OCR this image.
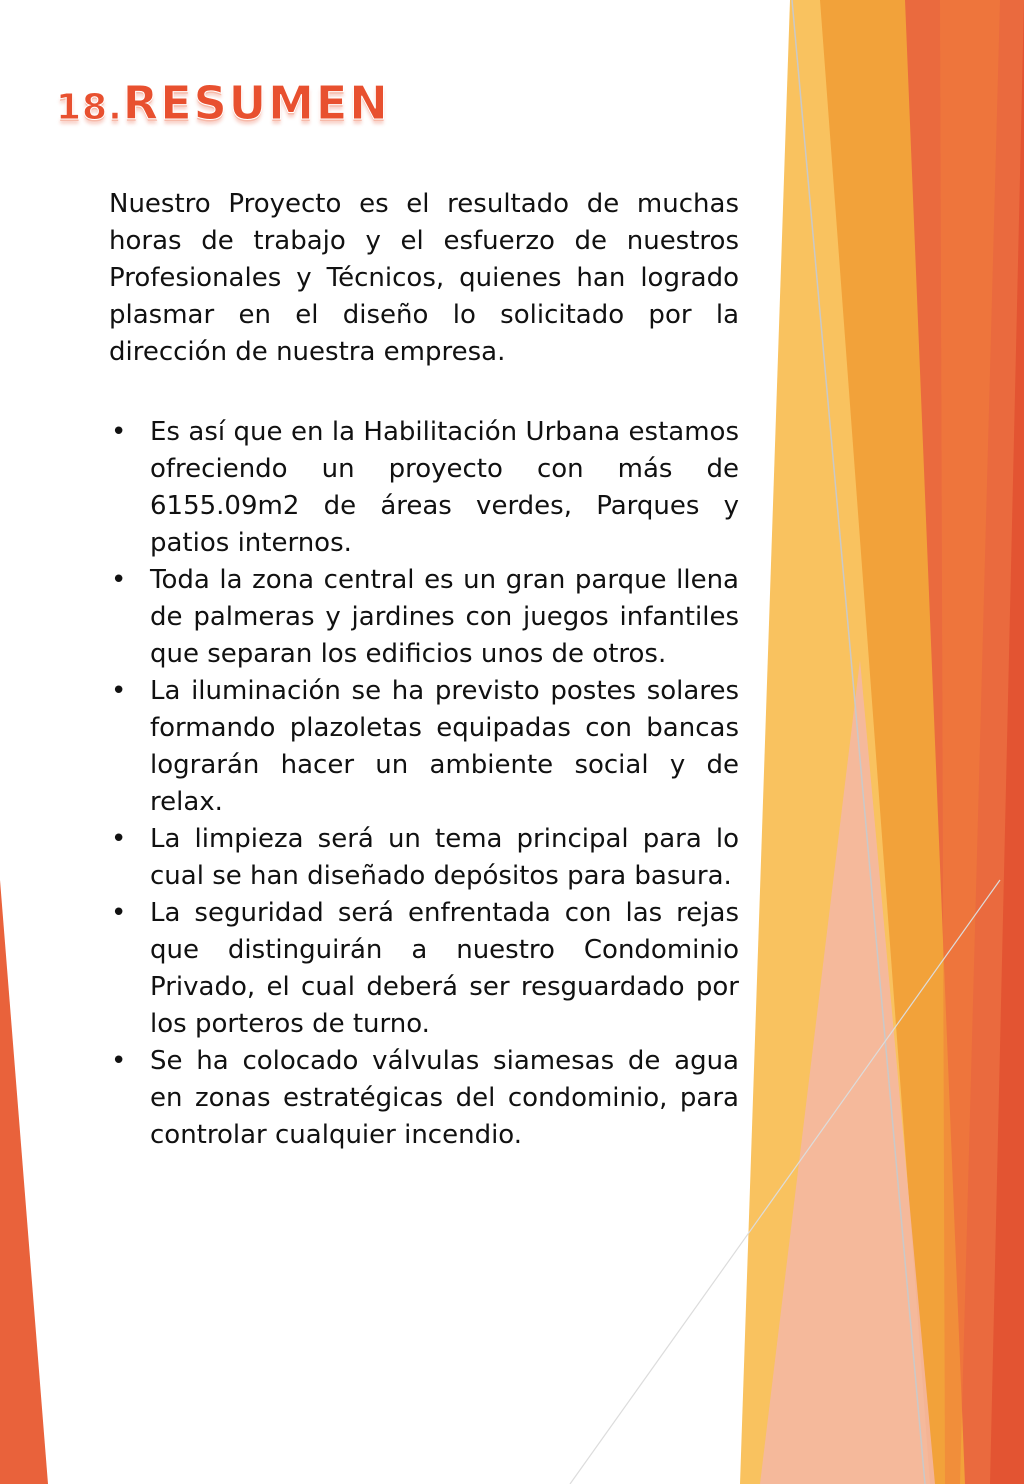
18.RESUMEN

Nuestro Proyecto es el resultado de muchas horas de trabajo y el esfuerzo de nuestros Profesionales y Técnicos, quienes han logrado plasmar en el diseño lo solicitado por la dirección de nuestra empresa.

• Es así que en la Habilitación Urbana estamos ofreciendo un proyecto con más de 6155.09m2 de áreas verdes, Parques y patios internos.
• Toda la zona central es un gran parque llena de palmeras y jardines con juegos infantiles que separan los edificios unos de otros.
• La iluminación se ha previsto postes solares formando plazoletas equipadas con bancas lograrán hacer un ambiente social y de relax.
• La limpieza será un tema principal para lo cual se han diseñado depósitos para basura.
• La seguridad será enfrentada con las rejas que distinguirán a nuestro Condominio Privado, el cual deberá ser resguardado por los porteros de turno.
• Se ha colocado válvulas siamesas de agua en zonas estratégicas del condominio, para controlar cualquier incendio.
